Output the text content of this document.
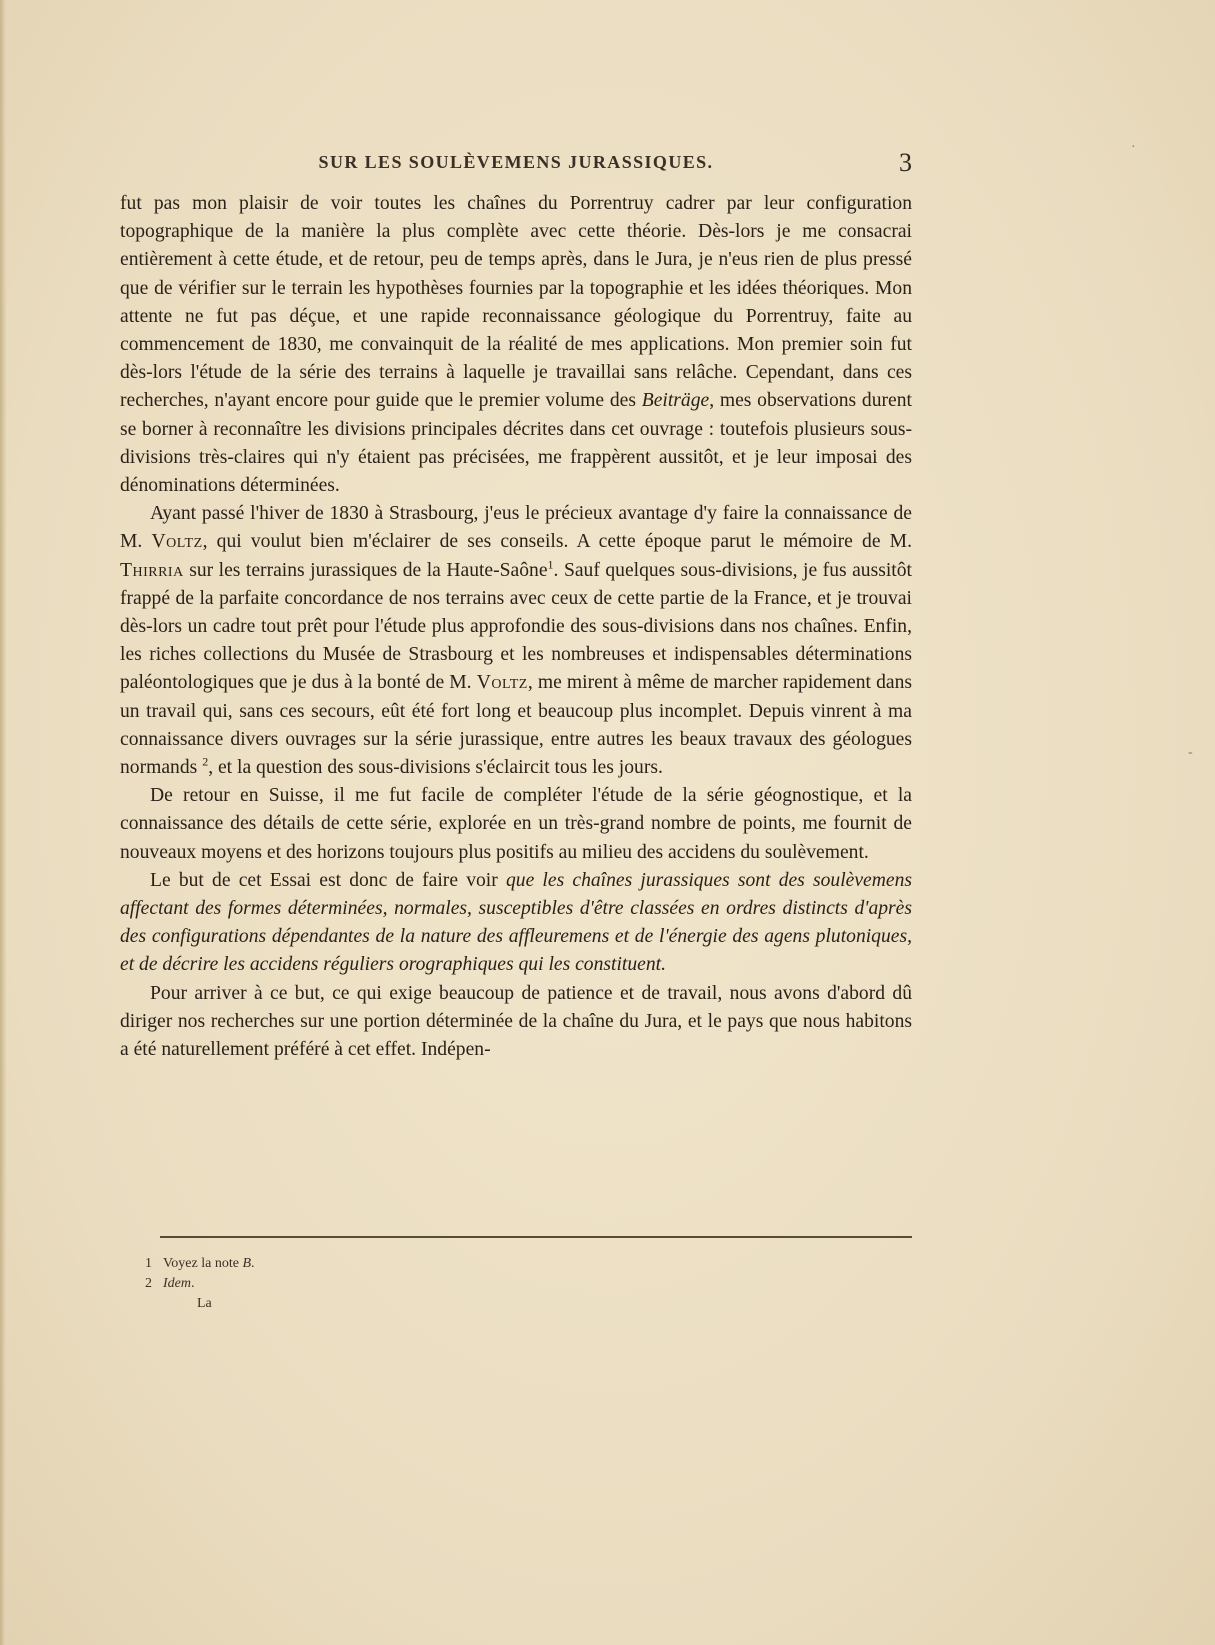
SUR LES SOULÈVEMENS JURASSIQUES.	3

fut pas mon plaisir de voir toutes les chaînes du Porrentruy cadrer par leur configuration topographique de la manière la plus complète avec cette théorie. Dès-lors je me consacrai entièrement à cette étude, et de retour, peu de temps après, dans le Jura, je n'eus rien de plus pressé que de vérifier sur le terrain les hypothèses fournies par la topographie et les idées théoriques. Mon attente ne fut pas déçue, et une rapide reconnaissance géologique du Porrentruy, faite au commencement de 1830, me convainquit de la réalité de mes applications. Mon premier soin fut dès-lors l'étude de la série des terrains à laquelle je travaillai sans relâche. Cependant, dans ces recherches, n'ayant encore pour guide que le premier volume des Beiträge, mes observations durent se borner à reconnaître les divisions principales décrites dans cet ouvrage : toutefois plusieurs sous-divisions très-claires qui n'y étaient pas précisées, me frappèrent aussitôt, et je leur imposai des dénominations déterminées.

Ayant passé l'hiver de 1830 à Strasbourg, j'eus le précieux avantage d'y faire la connaissance de M. Voltz, qui voulut bien m'éclairer de ses conseils. A cette époque parut le mémoire de M. Thirria sur les terrains jurassiques de la Haute-Saône$^1$. Sauf quelques sous-divisions, je fus aussitôt frappé de la parfaite concordance de nos terrains avec ceux de cette partie de la France, et je trouvai dès-lors un cadre tout prêt pour l'étude plus approfondie des sous-divisions dans nos chaînes. Enfin, les riches collections du Musée de Strasbourg et les nombreuses et indispensables déterminations paléontologiques que je dus à la bonté de M. Voltz, me mirent à même de marcher rapidement dans un travail qui, sans ces secours, eût été fort long et beaucoup plus incomplet. Depuis vinrent à ma connaissance divers ouvrages sur la série jurassique, entre autres les beaux travaux des géologues normands $^2$, et la question des sous-divisions s'éclaircit tous les jours.

De retour en Suisse, il me fut facile de compléter l'étude de la série géognostique, et la connaissance des détails de cette série, explorée en un très-grand nombre de points, me fournit de nouveaux moyens et des horizons toujours plus positifs au milieu des accidens du soulèvement.

Le but de cet Essai est donc de faire voir que les chaînes jurassiques sont des soulèvemens affectant des formes déterminées, normales, susceptibles d'être classées en ordres distincts d'après des configurations dépendantes de la nature des affleuremens et de l'énergie des agens plutoniques, et de décrire les accidens réguliers orographiques qui les constituent.

Pour arriver à ce but, ce qui exige beaucoup de patience et de travail, nous avons d'abord dû diriger nos recherches sur une portion déterminée de la chaîne du Jura, et le pays que nous habitons a été naturellement préféré à cet effet. Indépen-

1 Voyez la note B.
2 Idem.
La
·
-
